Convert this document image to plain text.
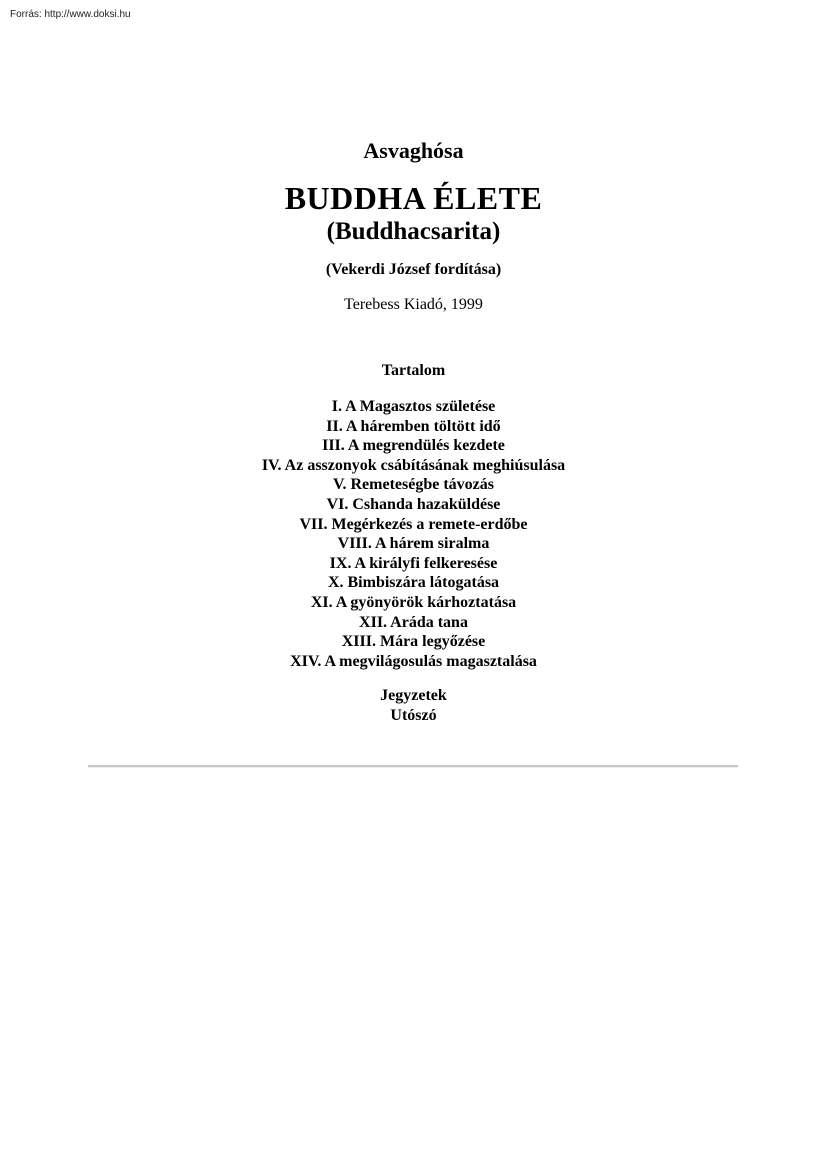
Forrás: http://www.doksi.hu
Asvaghósa
BUDDHA ÉLETE
(Buddhacsarita)
(Vekerdi József fordítása)
Terebess Kiadó, 1999
Tartalom
I. A Magasztos születése
II. A háremben töltött idő
III. A megrendülés kezdete
IV. Az asszonyok csábításának meghiúsulása
V. Remeteségbe távozás
VI. Cshanda hazaküldése
VII. Megérkezés a remete-erdőbe
VIII. A hárem siralma
IX. A királyfi felkeresése
X. Bimbiszára látogatása
XI. A gyönyörök kárhoztatása
XII. Aráda tana
XIII. Mára legyőzése
XIV. A megvilágosulás magasztalása
Jegyzetek
Utószó
